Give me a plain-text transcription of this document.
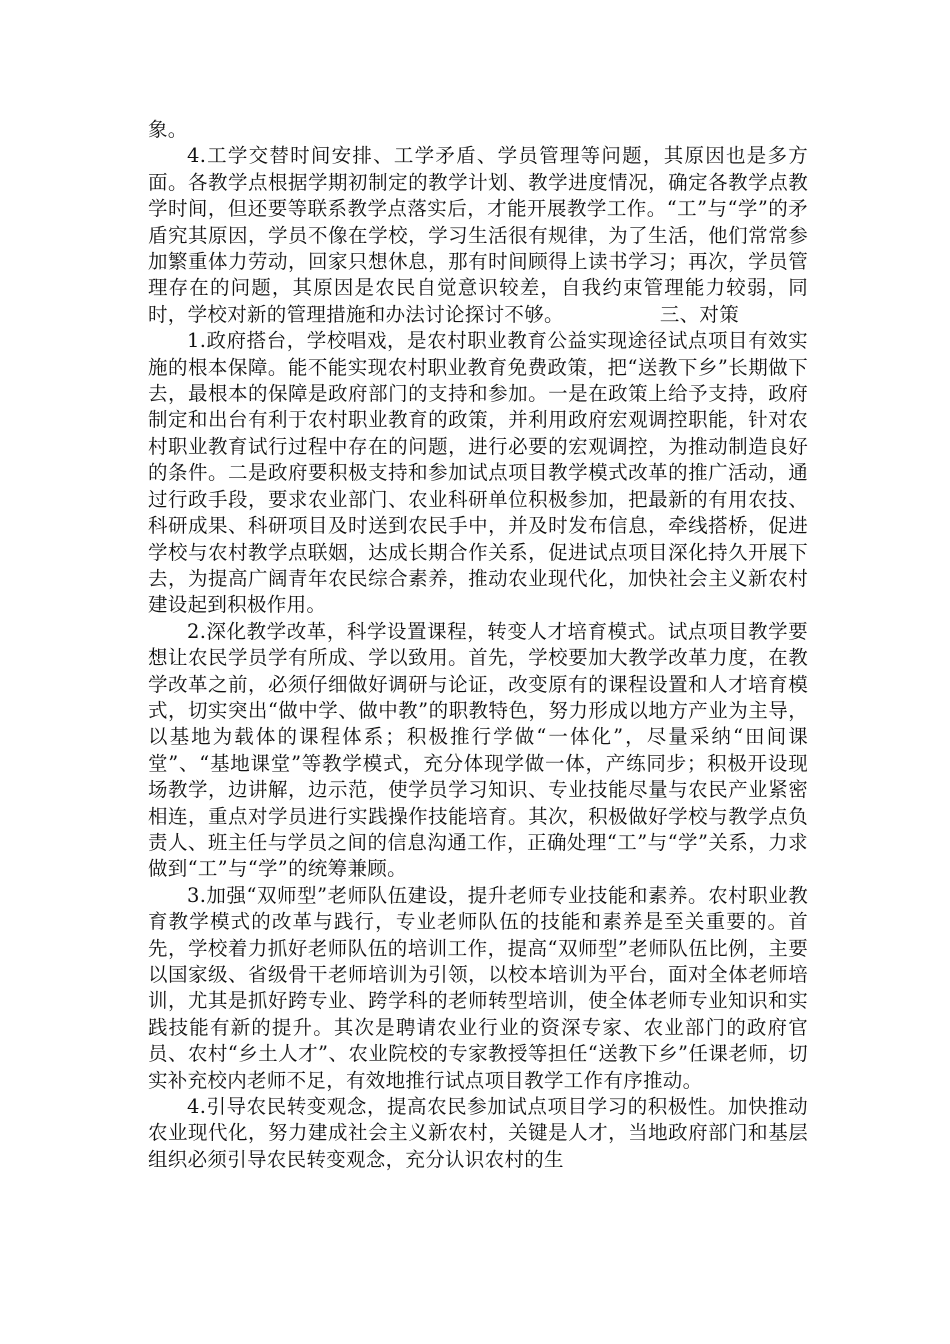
象。

4.工学交替时间安排、工学矛盾、学员管理等问题，其原因也是多方面。各教学点根据学期初制定的教学计划、教学进度情况，确定各教学点教学时间，但还要等联系教学点落实后，才能开展教学工作。“工”与“学”的矛盾究其原因，学员不像在学校，学习生活很有规律，为了生活，他们常常参加繁重体力劳动，回家只想休息，那有时间顾得上读书学习；再次，学员管理存在的问题，其原因是农民自觉意识较差，自我约束管理能力较弱，同时，学校对新的管理措施和办法讨论探讨不够。	三、对策

1.政府搭台，学校唱戏，是农村职业教育公益实现途径试点项目有效实施的根本保障。能不能实现农村职业教育免费政策，把“送教下乡”长期做下去，最根本的保障是政府部门的支持和参加。一是在政策上给予支持，政府制定和出台有利于农村职业教育的政策，并利用政府宏观调控职能，针对农村职业教育试行过程中存在的问题，进行必要的宏观调控，为推动制造良好的条件。二是政府要积极支持和参加试点项目教学模式改革的推广活动，通过行政手段，要求农业部门、农业科研单位积极参加，把最新的有用农技、科研成果、科研项目及时送到农民手中，并及时发布信息，牵线搭桥，促进学校与农村教学点联姻，达成长期合作关系，促进试点项目深化持久开展下去，为提高广阔青年农民综合素养，推动农业现代化，加快社会主义新农村建设起到积极作用。

2.深化教学改革，科学设置课程，转变人才培育模式。试点项目教学要想让农民学员学有所成、学以致用。首先，学校要加大教学改革力度，在教学改革之前，必须仔细做好调研与论证，改变原有的课程设置和人才培育模式，切实突出“做中学、做中教”的职教特色，努力形成以地方产业为主导，以基地为载体的课程体系；积极推行学做“一体化”，尽量采纳“田间课堂”、“基地课堂”等教学模式，充分体现学做一体，产练同步；积极开设现场教学，边讲解，边示范，使学员学习知识、专业技能尽量与农民产业紧密相连，重点对学员进行实践操作技能培育。其次，积极做好学校与教学点负责人、班主任与学员之间的信息沟通工作，正确处理“工”与“学”关系，力求做到“工”与“学”的统筹兼顾。

3.加强“双师型”老师队伍建设，提升老师专业技能和素养。农村职业教育教学模式的改革与践行，专业老师队伍的技能和素养是至关重要的。首先，学校着力抓好老师队伍的培训工作，提高“双师型”老师队伍比例，主要以国家级、省级骨干老师培训为引领，以校本培训为平台，面对全体老师培训，尤其是抓好跨专业、跨学科的老师转型培训，使全体老师专业知识和实践技能有新的提升。其次是聘请农业行业的资深专家、农业部门的政府官员、农村“乡土人才”、农业院校的专家教授等担任“送教下乡”任课老师，切实补充校内老师不足，有效地推行试点项目教学工作有序推动。

4.引导农民转变观念，提高农民参加试点项目学习的积极性。加快推动农业现代化，努力建成社会主义新农村，关键是人才，当地政府部门和基层组织必须引导农民转变观念，充分认识农村的生
